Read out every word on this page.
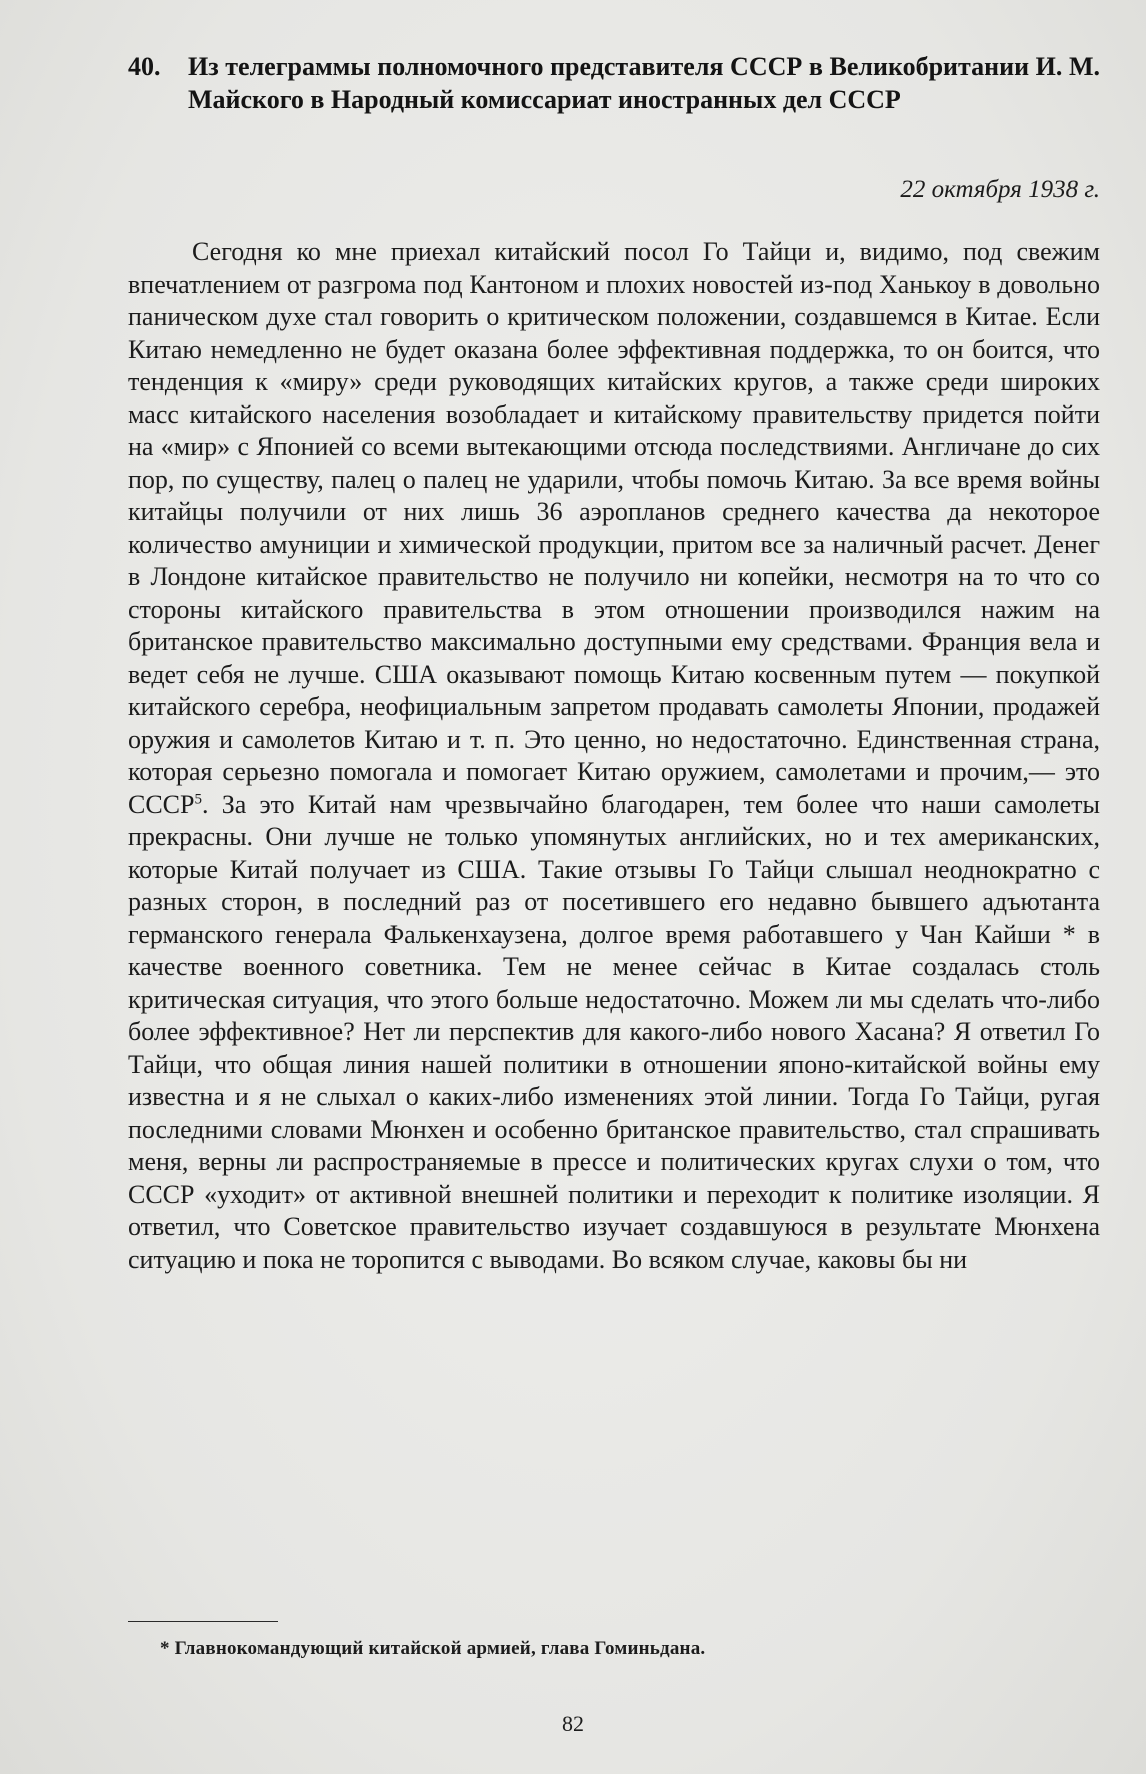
40.	Из телеграммы полномочного представителя СССР в Великобритании И. М. Майского в Народный комиссариат иностранных дел СССР
22 октября 1938 г.

Сегодня ко мне приехал китайский посол Го Тайци и, видимо, под свежим впечатлением от разгрома под Кантоном и плохих новостей из-под Ханькоу в довольно паническом духе стал говорить о критическом положении, создавшемся в Китае. Если Китаю немедленно не будет оказана более эффективная поддержка, то он боится, что тенденция к «миру» среди руководящих китайских кругов, а также среди широких масс китайского населения возобладает и китайскому правительству придется пойти на «мир» с Японией со всеми вытекающими отсюда последствиями. Англичане до сих пор, по существу, палец о палец не ударили, чтобы помочь Китаю. За все время войны китайцы получили от них лишь 36 аэропланов среднего качества да некоторое количество амуниции и химической продукции, притом все за наличный расчет. Денег в Лондоне китайское правительство не получило ни копейки, несмотря на то что со стороны китайского правительства в этом отношении производился нажим на британское правительство максимально доступными ему средствами. Франция вела и ведет себя не лучше. США оказывают помощь Китаю косвенным путем — покупкой китайского серебра, неофициальным запретом продавать самолеты Японии, продажей оружия и самолетов Китаю и т. п. Это ценно, но недостаточно. Единственная страна, которая серьезно помогала и помогает Китаю оружием, самолетами и прочим,— это СССР$^5$. За это Китай нам чрезвычайно благодарен, тем более что наши самолеты прекрасны. Они лучше не только упомянутых английских, но и тех американских, которые Китай получает из США. Такие отзывы Го Тайци слышал неоднократно с разных сторон, в последний раз от посетившего его недавно бывшего адъютанта германского генерала Фалькенхаузена, долгое время работавшего у Чан Кайши * в качестве военного советника. Тем не менее сейчас в Китае создалась столь критическая ситуация, что этого больше недостаточно. Можем ли мы сделать что-либо более эффективное? Нет ли перспектив для какого-либо нового Хасана? Я ответил Го Тайци, что общая линия нашей политики в отношении японо-китайской войны ему известна и я не слыхал о каких-либо изменениях этой линии. Тогда Го Тайци, ругая последними словами Мюнхен и особенно британское правительство, стал спрашивать меня, верны ли распространяемые в прессе и политических кругах слухи о том, что СССР «уходит» от активной внешней политики и переходит к политике изоляции. Я ответил, что Советское правительство изучает создавшуюся в результате Мюнхена ситуацию и пока не торопится с выводами. Во всяком случае, каковы бы ни

* Главнокомандующий китайской армией, глава Гоминьдана.
82
